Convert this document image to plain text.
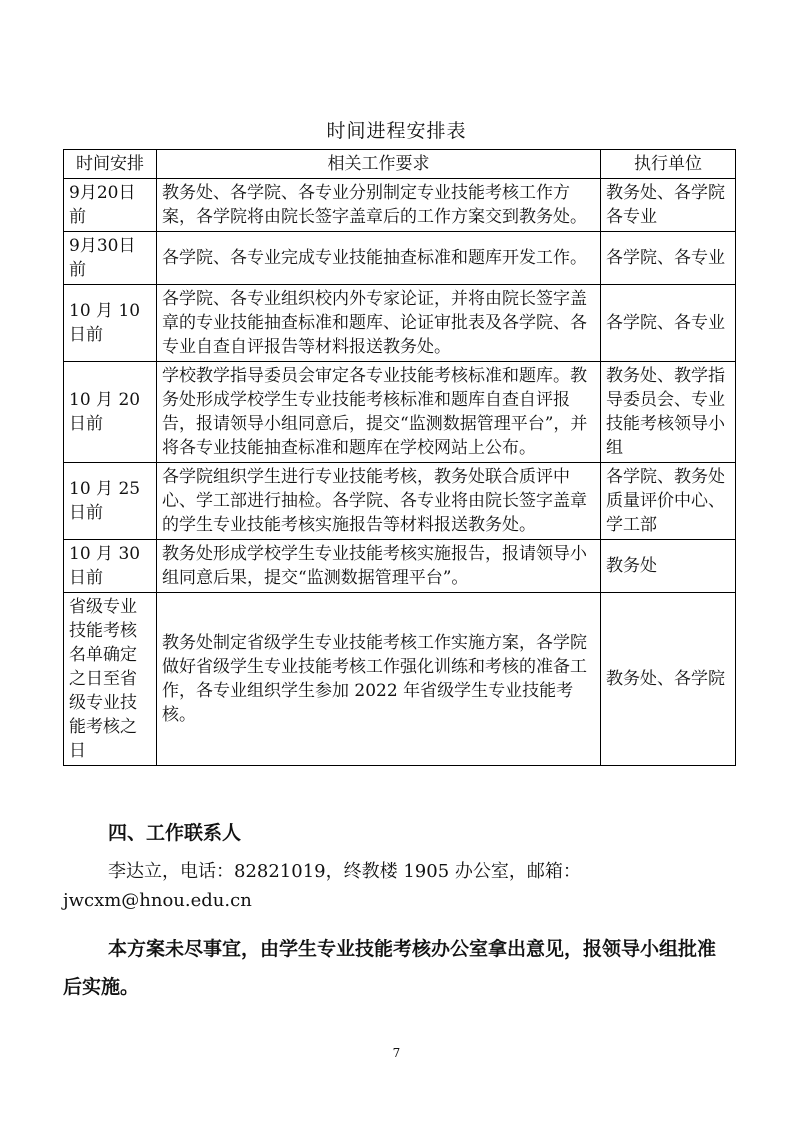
时间进程安排表
时间安排	相关工作要求	执行单位
9月20日前	教务处、各学院、各专业分别制定专业技能考核工作方案，各学院将由院长签字盖章后的工作方案交到教务处。	教务处、各学院各专业
9月30日前	各学院、各专业完成专业技能抽查标准和题库开发工作。	各学院、各专业
10 月 10日前	各学院、各专业组织校内外专家论证，并将由院长签字盖章的专业技能抽查标准和题库、论证审批表及各学院、各专业自查自评报告等材料报送教务处。	各学院、各专业
10 月 20日前	学校教学指导委员会审定各专业技能考核标准和题库。教务处形成学校学生专业技能考核标准和题库自查自评报告，报请领导小组同意后，提交“监测数据管理平台”，并将各专业技能抽查标准和题库在学校网站上公布。	教务处、教学指导委员会、专业技能考核领导小组
10 月 25日前	各学院组织学生进行专业技能考核，教务处联合质评中心、学工部进行抽检。各学院、各专业将由院长签字盖章的学生专业技能考核实施报告等材料报送教务处。	各学院、教务处质量评价中心、学工部
10 月 30日前	教务处形成学校学生专业技能考核实施报告，报请领导小组同意后果，提交“监测数据管理平台”。	教务处
省级专业技能考核名单确定之日至省级专业技能考核之日	教务处制定省级学生专业技能考核工作实施方案，各学院做好省级学生专业技能考核工作强化训练和考核的准备工作，各专业组织学生参加 2022 年省级学生专业技能考核。	教务处、各学院
四、工作联系人
李达立，电话：82821019，终教楼 1905 办公室，邮箱：
jwcxm@hnou.edu.cn
本方案未尽事宜，由学生专业技能考核办公室拿出意见，报领导小组批准后实施。
7
